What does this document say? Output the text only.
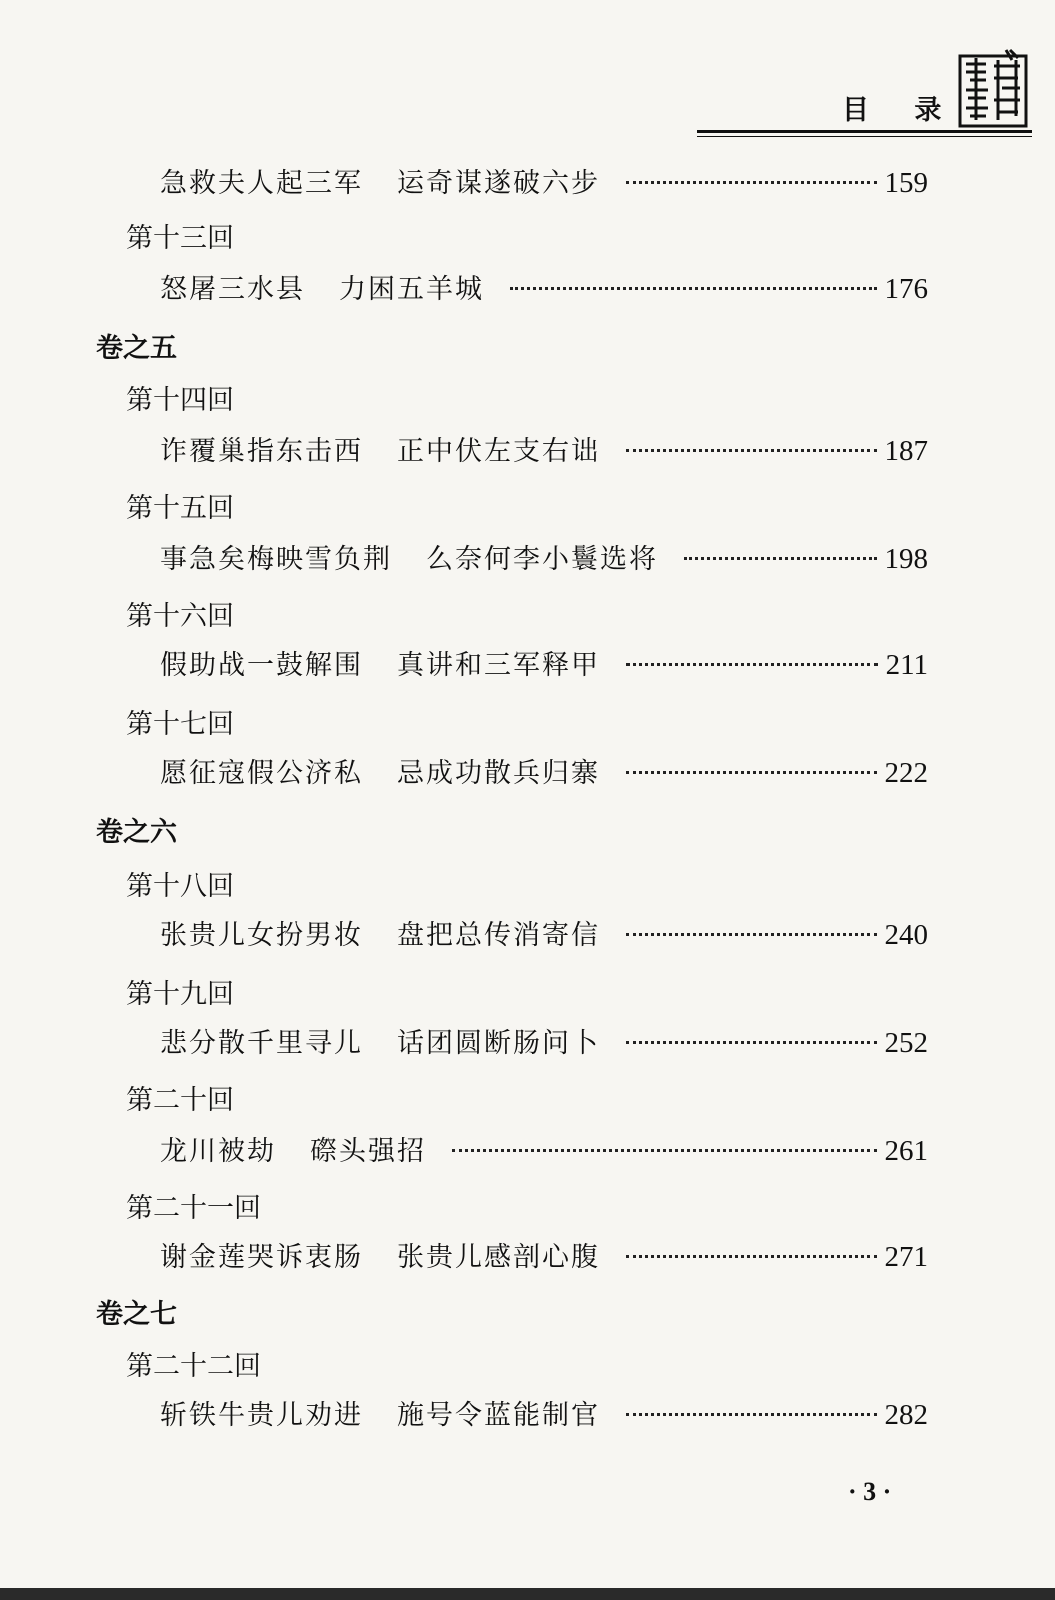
目 录
急救夫人起三军 运奇谋遂破六步	159
第十三回
怒屠三水县 力困五羊城	176
卷之五
第十四回
诈覆巢指东击西 正中伏左支右诎	187
第十五回
事急矣梅映雪负荆 么奈何李小鬟选将	198
第十六回
假助战一鼓解围 真讲和三军释甲	211
第十七回
愿征寇假公济私 忌成功散兵归寨	222
卷之六
第十八回
张贵儿女扮男妆 盘把总传消寄信	240
第十九回
悲分散千里寻儿 话团圆断肠问卜	252
第二十回
龙川被劫 磜头强招	261
第二十一回
谢金莲哭诉衷肠 张贵儿感剖心腹	271
卷之七
第二十二回
斩铁牛贵儿劝进 施号令蓝能制官	282
· 3 ·
